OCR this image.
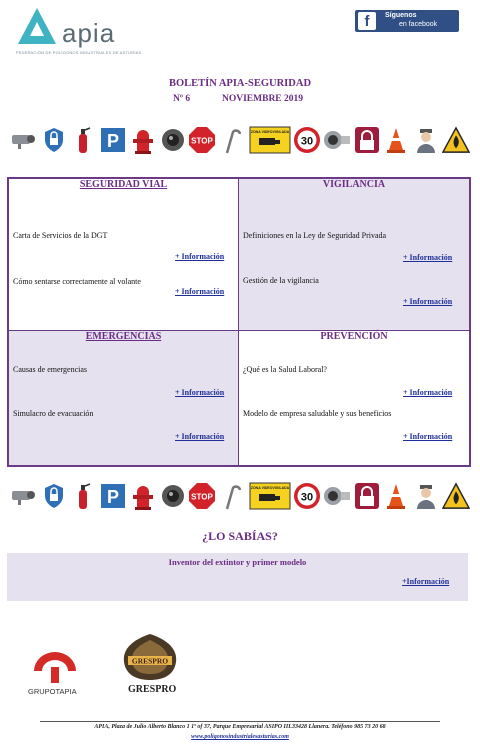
apia
FEDERACIÓN DE POLÍGONOS INDUSTRIALES DE ASTURIAS
f	Síguenos
en facebook
BOLETÍN APIA-SEGURIDAD
Nº 6	NOVIEMBRE 2019
P	STOP
ZONA VIDEOVIGILADA
30
SEGURIDAD VIAL
Carta de Servicios de la DGT
+ Información
Cómo sentarse correctamente al volante
+ Información
VIGILANCIA
Definiciones en la Ley de Seguridad Privada
+ Información
Gestión de la vigilancia
+ Información
EMERGENCIAS
Causas de emergencias
+ Información
Simulacro de evacuación
+ Información
PREVENCIÓN
¿Qué es la Salud Laboral?
+ Información
Modelo de empresa saludable y sus beneficios
+ Información
P	STOP
ZONA VIDEOVIGILADA
30
¿LO SABÍAS?
Inventor del extintor y primer modelo
+Información
GRUPOTAPIA
GRESPRO
GRESPRO
APIA, Plaza de Julio Alberto Blanco 1 1º of 37, Parque Empresarial ASIPO III.33428 Llanera. Teléfono 985 73 20 68
www.poligonosindustrialesasturias.com
